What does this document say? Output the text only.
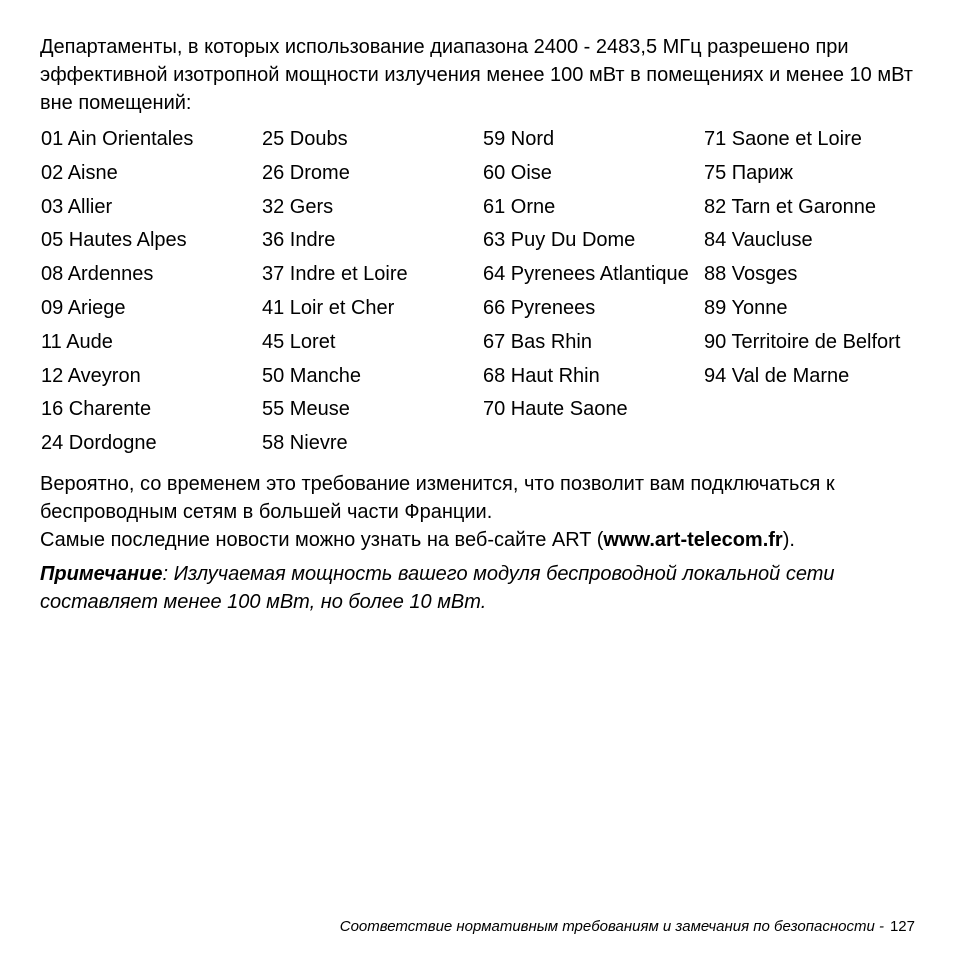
Департаменты, в которых использование диапазона 2400 - 2483,5 МГц разрешено при эффективной изотропной мощности излучения менее 100 мВт в помещениях и менее 10 мВт вне помещений:

01 Ain Orientales
02 Aisne
03 Allier
05 Hautes Alpes
08 Ardennes
09 Ariege
11 Aude
12 Aveyron
16 Charente
24 Dordogne
25 Doubs
26 Drome
32 Gers
36 Indre
37 Indre et Loire
41 Loir et Cher
45 Loret
50 Manche
55 Meuse
58 Nievre
59 Nord
60 Oise
61 Orne
63 Puy Du Dome
64 Pyrenees Atlantique
66 Pyrenees
67 Bas Rhin
68 Haut Rhin
70 Haute Saone
71 Saone et Loire
75 Париж
82 Tarn et Garonne
84 Vaucluse
88 Vosges
89 Yonne
90 Territoire de Belfort
94 Val de Marne

Вероятно, со временем это требование изменится, что позволит вам подключаться к беспроводным сетям в большей части Франции.

Самые последние новости можно узнать на веб-сайте ART (www.art-telecom.fr).

Примечание: Излучаемая мощность вашего модуля беспроводной локальной сети составляет менее 100 мВт, но более 10 мВт.

Соответствие нормативным требованиям и замечания по безопасности - 127
